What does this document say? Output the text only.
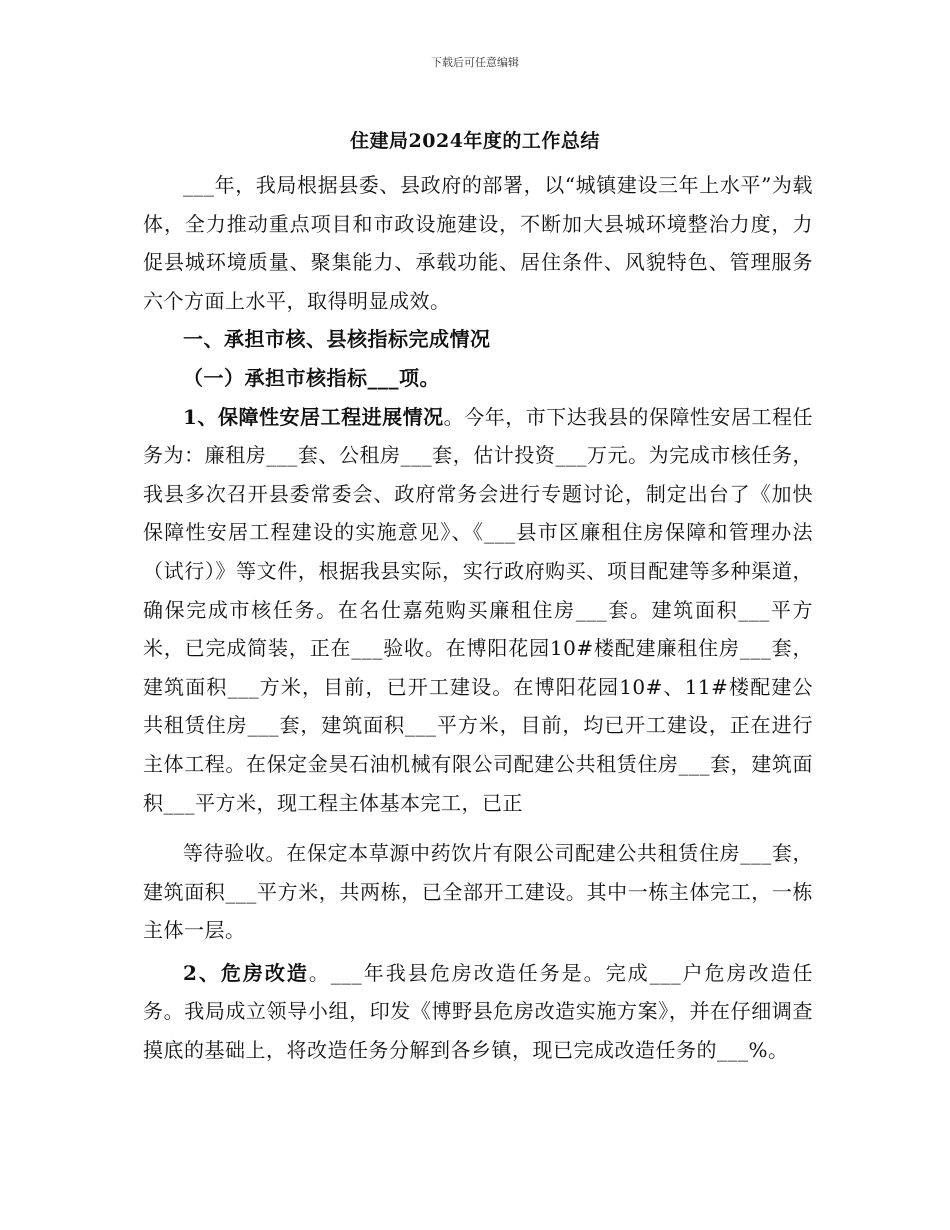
下载后可任意编辑
住建局2024年度的工作总结

___年，我局根据县委、县政府的部署，以“城镇建设三年上水平”为载体，全力推动重点项目和市政设施建设，不断加大县城环境整治力度，力促县城环境质量、聚集能力、承载功能、居住条件、风貌特色、管理服务六个方面上水平，取得明显成效。

一、承担市核、县核指标完成情况

（一）承担市核指标___项。

1、保障性安居工程进展情况。今年，市下达我县的保障性安居工程任务为：廉租房___套、公租房___套，估计投资___万元。为完成市核任务，我县多次召开县委常委会、政府常务会进行专题讨论，制定出台了《加快保障性安居工程建设的实施意见》、《___县市区廉租住房保障和管理办法（试行）》等文件，根据我县实际，实行政府购买、项目配建等多种渠道，确保完成市核任务。在名仕嘉苑购买廉租住房___套。建筑面积___平方米，已完成简装，正在___验收。在博阳花园10#楼配建廉租住房___套，建筑面积___方米，目前，已开工建设。在博阳花园10#、11#楼配建公共租赁住房___套，建筑面积___平方米，目前，均已开工建设，正在进行主体工程。在保定金昊石油机械有限公司配建公共租赁住房___套，建筑面积___平方米，现工程主体基本完工，已正

等待验收。在保定本草源中药饮片有限公司配建公共租赁住房___套，建筑面积___平方米，共两栋，已全部开工建设。其中一栋主体完工，一栋主体一层。

2、危房改造。___年我县危房改造任务是。完成___户危房改造任务。我局成立领导小组，印发《博野县危房改造实施方案》，并在仔细调查摸底的基础上，将改造任务分解到各乡镇，现已完成改造任务的___%。
